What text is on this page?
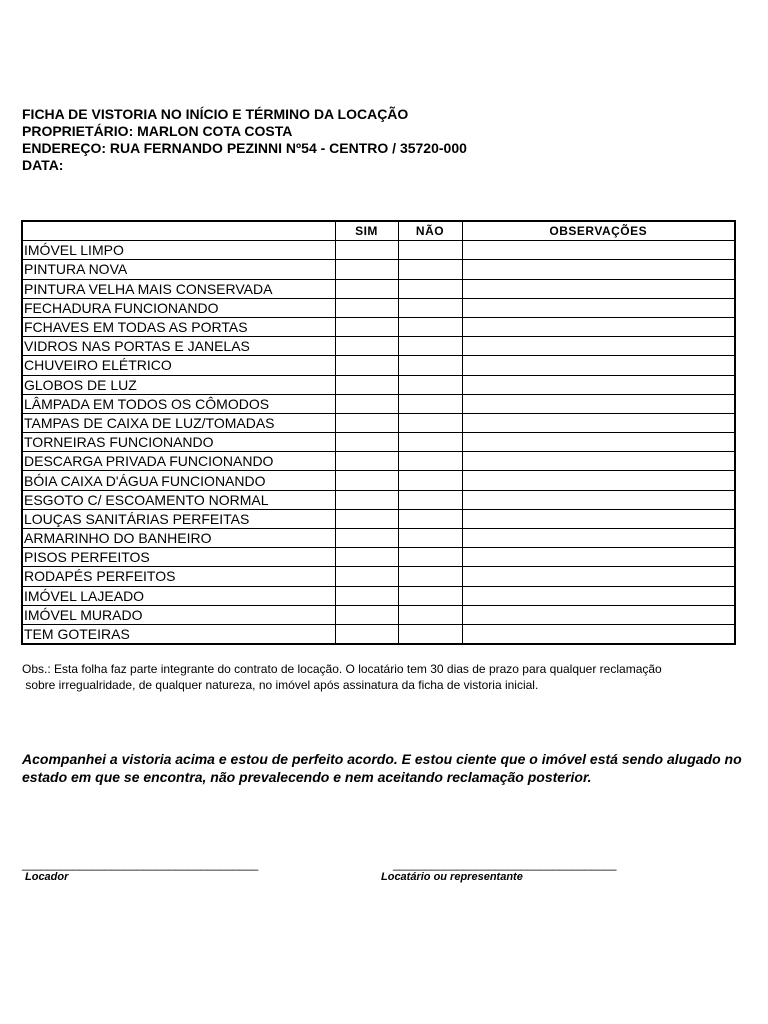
FICHA DE VISTORIA NO INÍCIO E TÉRMINO DA LOCAÇÃO
PROPRIETÁRIO: MARLON COTA COSTA
ENDEREÇO: RUA FERNANDO PEZINNI Nº54 - CENTRO / 35720-000
DATA:
	SIM	NÃO	OBSERVAÇÕES
IMÓVEL LIMPO			
PINTURA NOVA			
PINTURA VELHA MAIS CONSERVADA			
FECHADURA FUNCIONANDO			
FCHAVES EM TODAS AS PORTAS			
VIDROS NAS PORTAS E JANELAS			
CHUVEIRO ELÉTRICO			
GLOBOS DE LUZ			
LÂMPADA EM TODOS OS CÔMODOS			
TAMPAS DE CAIXA DE LUZ/TOMADAS			
TORNEIRAS FUNCIONANDO			
DESCARGA PRIVADA FUNCIONANDO			
BÓIA CAIXA D'ÁGUA FUNCIONANDO			
ESGOTO C/ ESCOAMENTO NORMAL			
LOUÇAS SANITÁRIAS PERFEITAS			
ARMARINHO DO BANHEIRO			
PISOS PERFEITOS			
RODAPÉS PERFEITOS			
IMÓVEL LAJEADO			
IMÓVEL MURADO			
TEM GOTEIRAS			
Obs.: Esta folha faz parte integrante do contrato de locação. O locatário tem 30 dias de prazo para qualquer reclamação
sobre irregualridade, de qualquer natureza, no imóvel após assinatura da ficha de vistoria inicial.
Acompanhei a vistoria acima e estou de perfeito acordo. E estou ciente que o imóvel está sendo alugado no estado em que se encontra, não prevalecendo e nem aceitando reclamação posterior.
_____________________________________
Locador
___________________________________
Locatário ou representante
